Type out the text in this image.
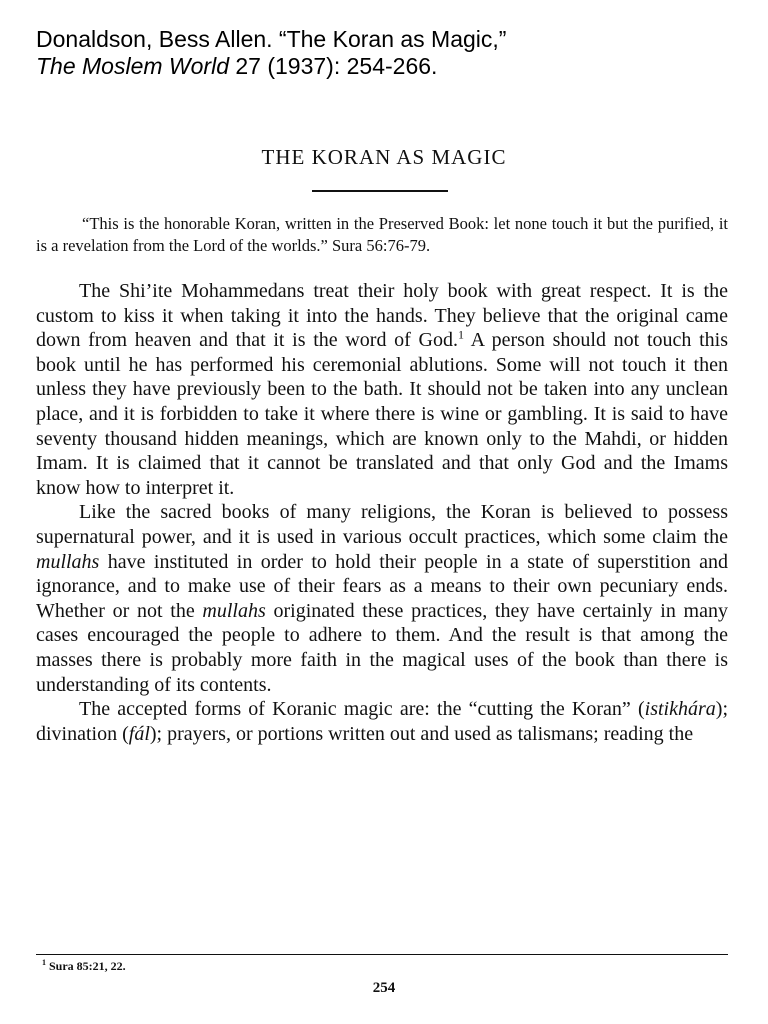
Donaldson, Bess Allen. “The Koran as Magic,”
The Moslem World 27 (1937): 254-266.
THE KORAN AS MAGIC

“This is the honorable Koran, written in the Preserved Book: let none touch it but the purified, it is a revelation from the Lord of the worlds.” Sura 56:76-79.

The Shi’ite Mohammedans treat their holy book with great respect. It is the custom to kiss it when taking it into the hands. They believe that the original came down from heaven and that it is the word of God.$^1$ A person should not touch this book until he has performed his ceremonial ablutions. Some will not touch it then unless they have previously been to the bath. It should not be taken into any unclean place, and it is forbidden to take it where there is wine or gambling. It is said to have seventy thousand hidden meanings, which are known only to the Mahdi, or hidden Imam. It is claimed that it cannot be translated and that only God and the Imams know how to interpret it.

Like the sacred books of many religions, the Koran is believed to possess supernatural power, and it is used in various occult practices, which some claim the mullahs have instituted in order to hold their people in a state of superstition and ignorance, and to make use of their fears as a means to their own pecuniary ends. Whether or not the mullahs originated these practices, they have certainly in many cases encouraged the people to adhere to them. And the result is that among the masses there is probably more faith in the magical uses of the book than there is understanding of its contents.

The accepted forms of Koranic magic are: the “cutting the Koran” (istikhára); divination (fál); prayers, or portions written out and used as talismans; reading the

$^1$ Sura 85:21, 22.
254
